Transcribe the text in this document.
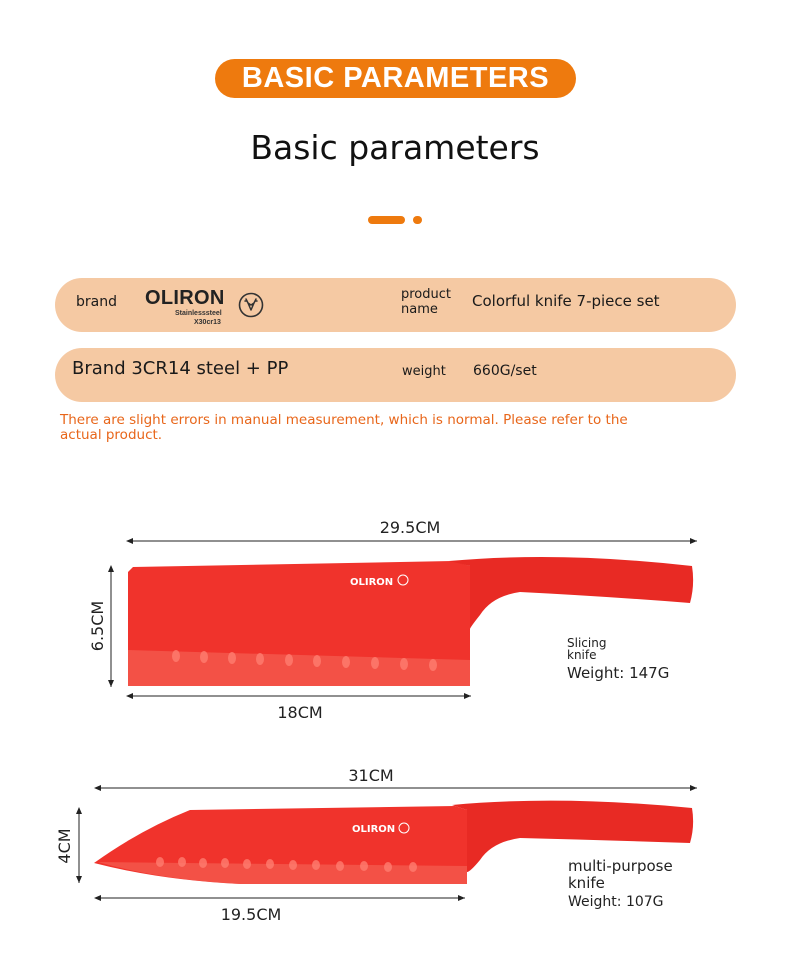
BASIC PARAMETERS
Basic parameters
brand OLIRON
Stainlesssteel
X30cr13
product
name Colorful knife 7-piece set
Brand 3CR14 steel + PP	weight 660G/set
There are slight errors in manual measurement, which is normal. Please refer to the actual product.
OLIRON
29.5CM
6.5CM
18CM
Slicing
knife
Weight: 147G
OLIRON
31CM
4CM
19.5CM
multi-purpose
knife
Weight: 107G
